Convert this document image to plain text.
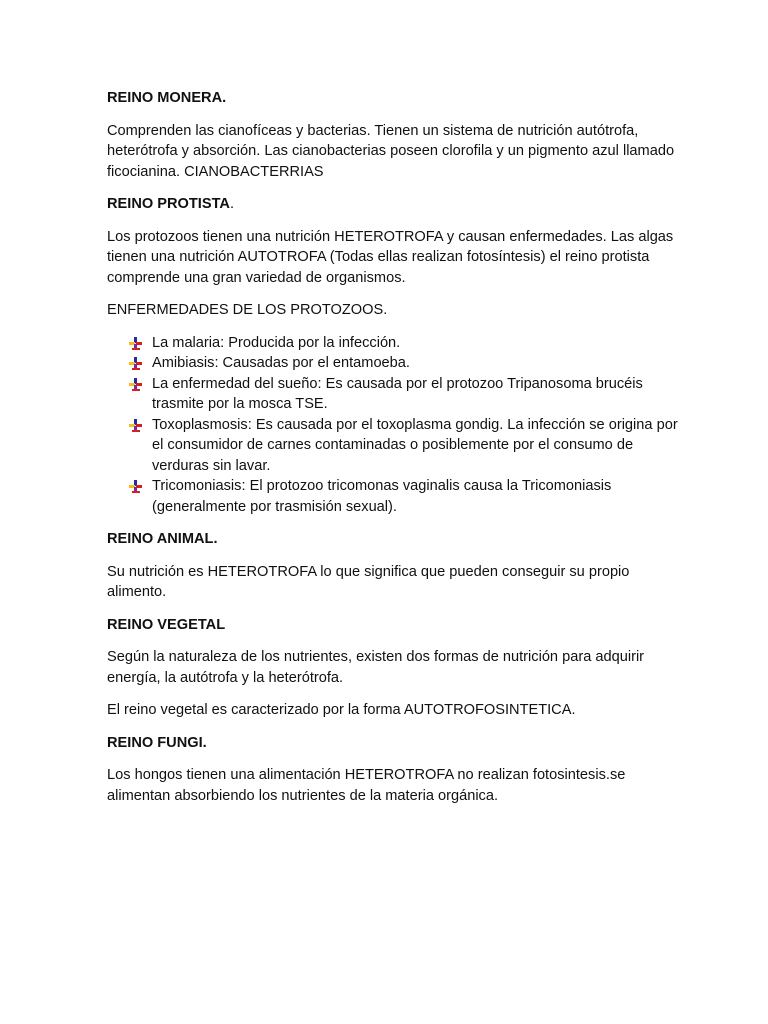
REINO MONERA.

Comprenden las cianofíceas y bacterias. Tienen un sistema de nutrición autótrofa, heterótrofa y absorción. Las cianobacterias poseen clorofila y un pigmento azul llamado ficocianina. CIANOBACTERRIAS

REINO PROTISTA.

Los protozoos tienen una nutrición HETEROTROFA y causan enfermedades. Las algas tienen una nutrición AUTOTROFA (Todas ellas realizan fotosíntesis) el reino protista comprende una gran variedad de organismos.

ENFERMEDADES DE LOS PROTOZOOS.

La malaria: Producida por la infección.
Amibiasis: Causadas por el entamoeba.
La enfermedad del sueño: Es causada por el protozoo Tripanosoma brucéis trasmite por la mosca TSE.
Toxoplasmosis: Es causada por el toxoplasma gondig. La infección se origina por el consumidor de carnes contaminadas o posiblemente por el consumo de verduras sin lavar.
Tricomoniasis: El protozoo tricomonas vaginalis causa la Tricomoniasis (generalmente por trasmisión sexual).
REINO ANIMAL.

Su nutrición es HETEROTROFA lo que significa que pueden conseguir su propio alimento.

REINO VEGETAL

Según la naturaleza de los nutrientes, existen dos formas de nutrición para adquirir energía, la autótrofa y la heterótrofa.

El reino vegetal es caracterizado por la forma AUTOTROFOSINTETICA.

REINO FUNGI.

Los hongos tienen una alimentación HETEROTROFA no realizan fotosintesis.se alimentan absorbiendo los nutrientes de la materia orgánica.
